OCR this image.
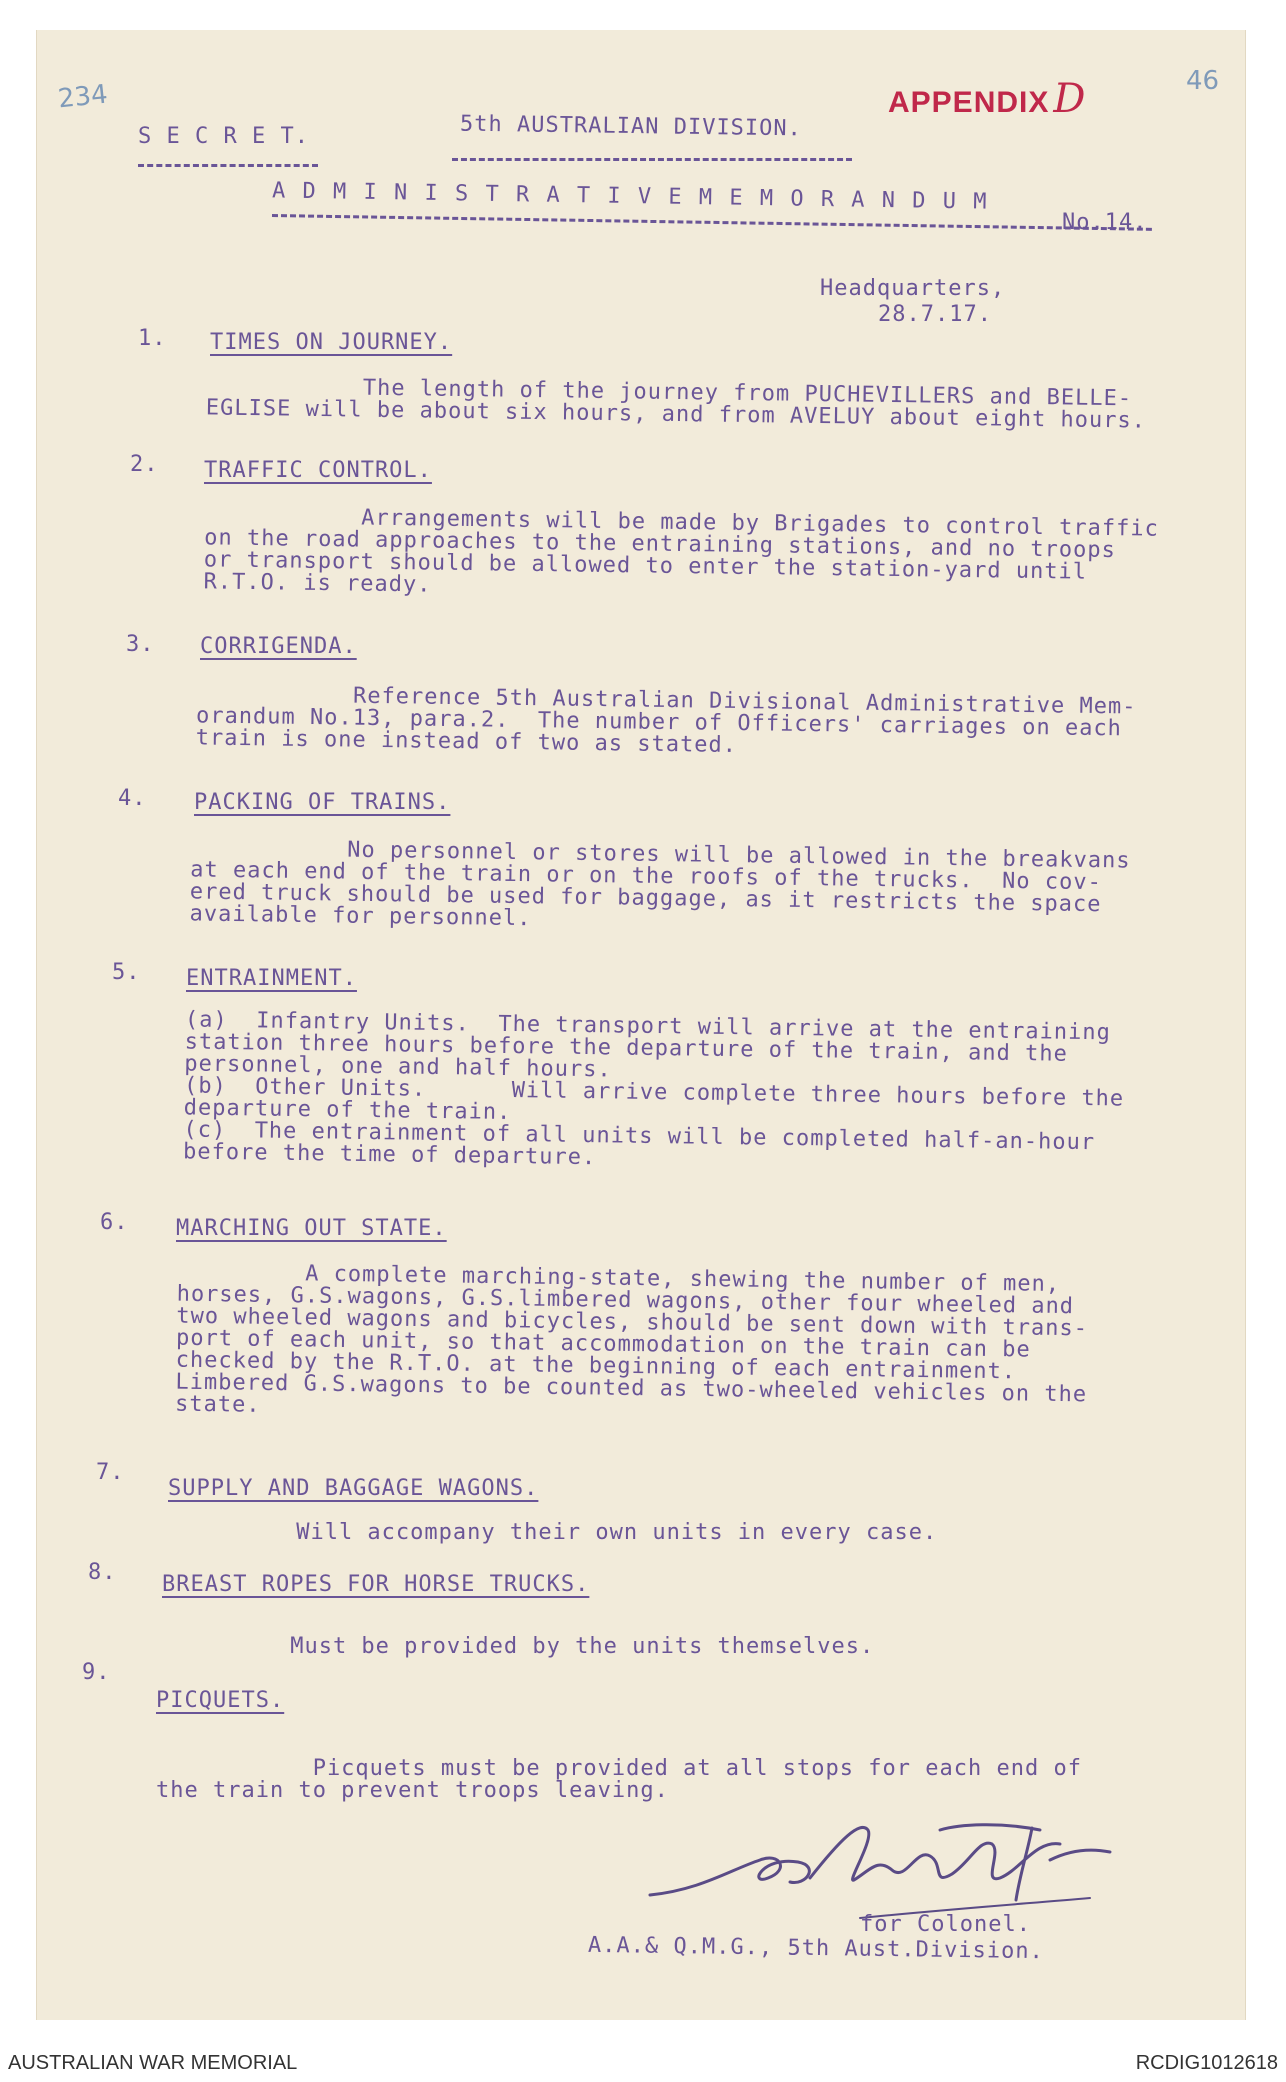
234	46
APPENDIX D
S E C R E T.	5th AUSTRALIAN DIVISION.
A D M I N I S T R A T I V E M E M O R A N D U M
No.14.
Headquarters,
28.7.17.
1. TIMES ON JOURNEY.
The length of the journey from PUCHEVILLERS and BELLE-
EGLISE will be about six hours, and from AVELUY about eight hours.
2. TRAFFIC CONTROL.
Arrangements will be made by Brigades to control traffic
on the road approaches to the entraining stations, and no troops
or transport should be allowed to enter the station-yard until
R.T.O. is ready.
3. CORRIGENDA.
Reference 5th Australian Divisional Administrative Mem-
orandum No.13, para.2.  The number of Officers' carriages on each
train is one instead of two as stated.
4. PACKING OF TRAINS.
No personnel or stores will be allowed in the breakvans
at each end of the train or on the roofs of the trucks.  No cov-
ered truck should be used for baggage, as it restricts the space
available for personnel.
5. ENTRAINMENT.
(a)  Infantry Units.  The transport will arrive at the entraining
station three hours before the departure of the train, and the
personnel, one and half hours.
(b)  Other Units.      Will arrive complete three hours before the
departure of the train.
(c)  The entrainment of all units will be completed half-an-hour
before the time of departure.
6. MARCHING OUT STATE.
A complete marching-state, shewing the number of men,
horses, G.S.wagons, G.S.limbered wagons, other four wheeled and
two wheeled wagons and bicycles, should be sent down with trans-
port of each unit, so that accommodation on the train can be
checked by the R.T.O. at the beginning of each entrainment.
Limbered G.S.wagons to be counted as two-wheeled vehicles on the
state.
7.
SUPPLY AND BAGGAGE WAGONS.
Will accompany their own units in every case.
8. BREAST ROPES FOR HORSE TRUCKS.
Must be provided by the units themselves.
9.
PICQUETS.
Picquets must be provided at all stops for each end of
the train to prevent troops leaving.
for Colonel.
A.A.& Q.M.G., 5th Aust.Division.
AUSTRALIAN WAR MEMORIAL	RCDIG1012618
